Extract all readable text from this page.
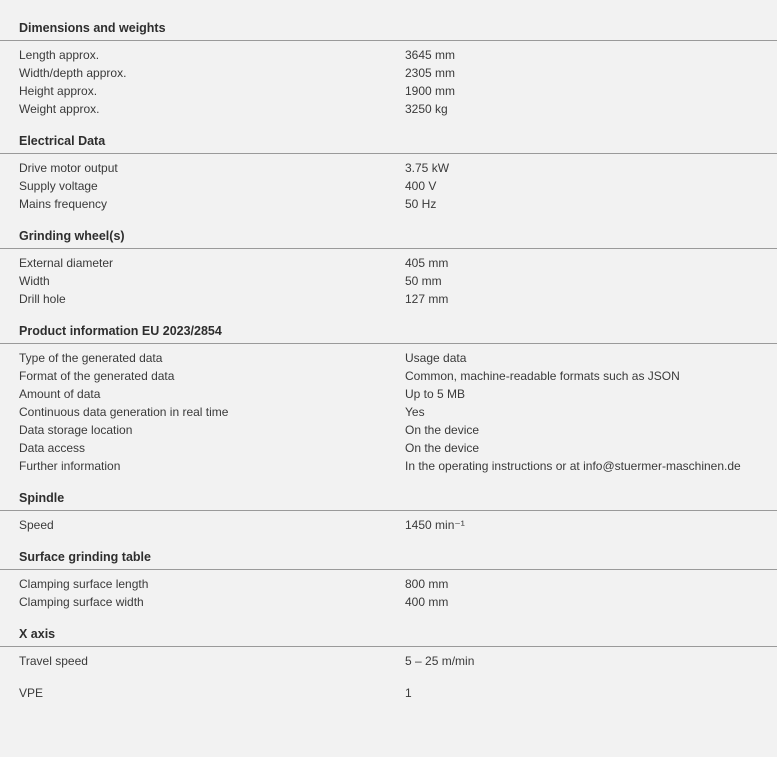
Dimensions and weights
Length approx.	3645 mm
Width/depth approx.	2305 mm
Height approx.	1900 mm
Weight approx.	3250 kg
Electrical Data
Drive motor output	3.75 kW
Supply voltage	400 V
Mains frequency	50 Hz
Grinding wheel(s)
External diameter	405 mm
Width	50 mm
Drill hole	127 mm
Product information EU 2023/2854
Type of the generated data	Usage data
Format of the generated data	Common, machine-readable formats such as JSON
Amount of data	Up to 5 MB
Continuous data generation in real time	Yes
Data storage location	On the device
Data access	On the device
Further information	In the operating instructions or at info@stuermer-maschinen.de
Spindle
Speed	1450 min⁻¹
Surface grinding table
Clamping surface length	800 mm
Clamping surface width	400 mm
X axis
Travel speed	5 – 25 m/min
VPE	1
